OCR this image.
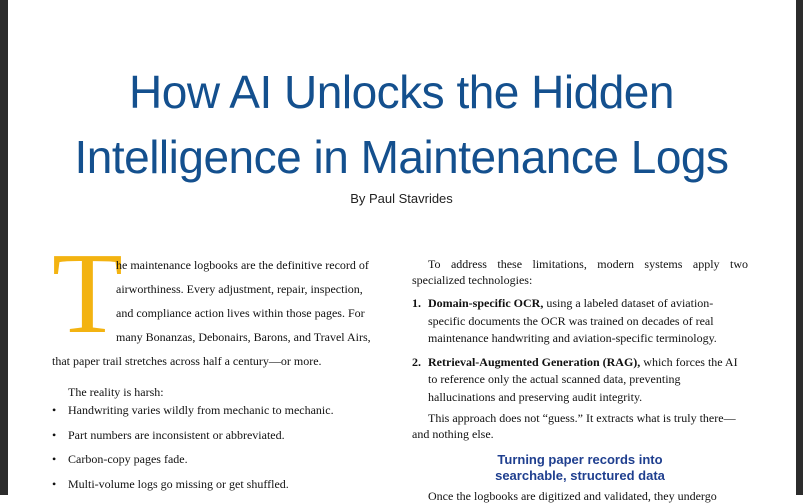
How AI Unlocks the Hidden
Intelligence in Maintenance Logs
By Paul Stavrides
T
he maintenance logbooks are the definitive record of
airworthiness. Every adjustment, repair, inspection,
and compliance action lives within those pages. For
many Bonanzas, Debonairs, Barons, and Travel Airs,
that paper trail stretches across half a century—or more.
The reality is harsh:
• Handwriting varies wildly from mechanic to mechanic.
• Part numbers are inconsistent or abbreviated.
• Carbon-copy pages fade.
• Multi-volume logs go missing or get shuffled.
To address these limitations, modern systems apply two specialized technologies:
1. Domain-specific OCR, using a labeled dataset of aviation-specific documents the OCR was trained on decades of real maintenance handwriting and aviation-specific terminology.
2. Retrieval-Augmented Generation (RAG), which forces the AI to reference only the actual scanned data, preventing hallucinations and preserving audit integrity.
This approach does not “guess.” It extracts what is truly there—and nothing else.
Turning paper records into
searchable, structured data
Once the logbooks are digitized and validated, they undergo
